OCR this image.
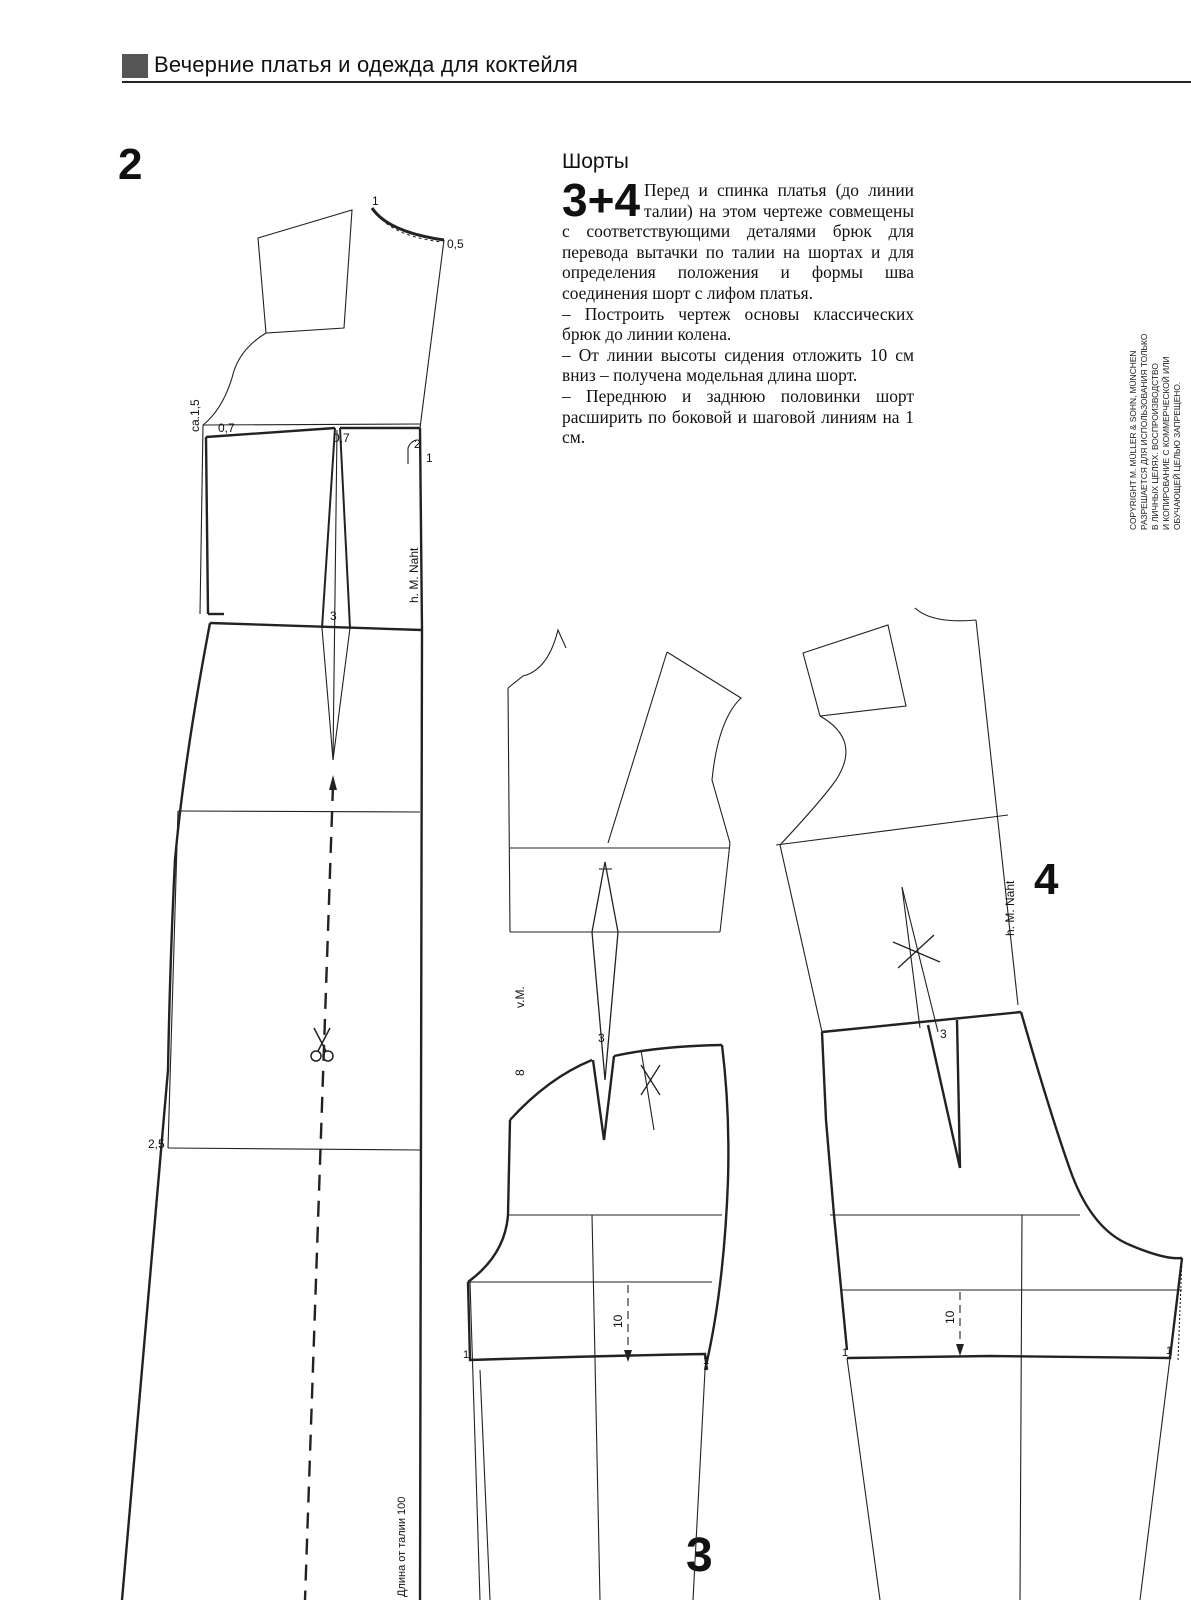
Вечерние платья и одежда для коктейля
2
3
4
Шорты

3+4 Перед и спинка платья (до линии талии) на этом чертеже совмещены с соответствующими деталями брюк для перевода вытачки по талии на шортах и для определения положения и формы шва соединения шорт с лифом платья.

– Построить чертеж основы классических брюк до линии колена.

– От линии высоты сидения отложить 10 см вниз – получена модельная длина шорт.

– Переднюю и заднюю половинки шорт расширить по боковой и шаговой линиям на 1 см.	COPYRIGHT M. MÜLLER & SOHN, MÜNCHEN РАЗРЕШАЕТСЯ ДЛЯ ИСПОЛЬЗОВАНИЯ ТОЛЬКО В ЛИЧНЫХ ЦЕЛЯХ. ВОСПРОИЗВОДСТВО И КОПИРОВАНИЕ С КОММЕРЧЕСКОЙ ИЛИ ОБУЧАЮЩЕЙ ЦЕЛЬЮ ЗАПРЕЩЕНО.
1
0,5
ca.1,5 0,7
0,7	2
1
h. M. Naht
3
2,5
Длина от талии 100
v.M.
8
3
10
1	1
h. M. Naht
3
10
1	1
